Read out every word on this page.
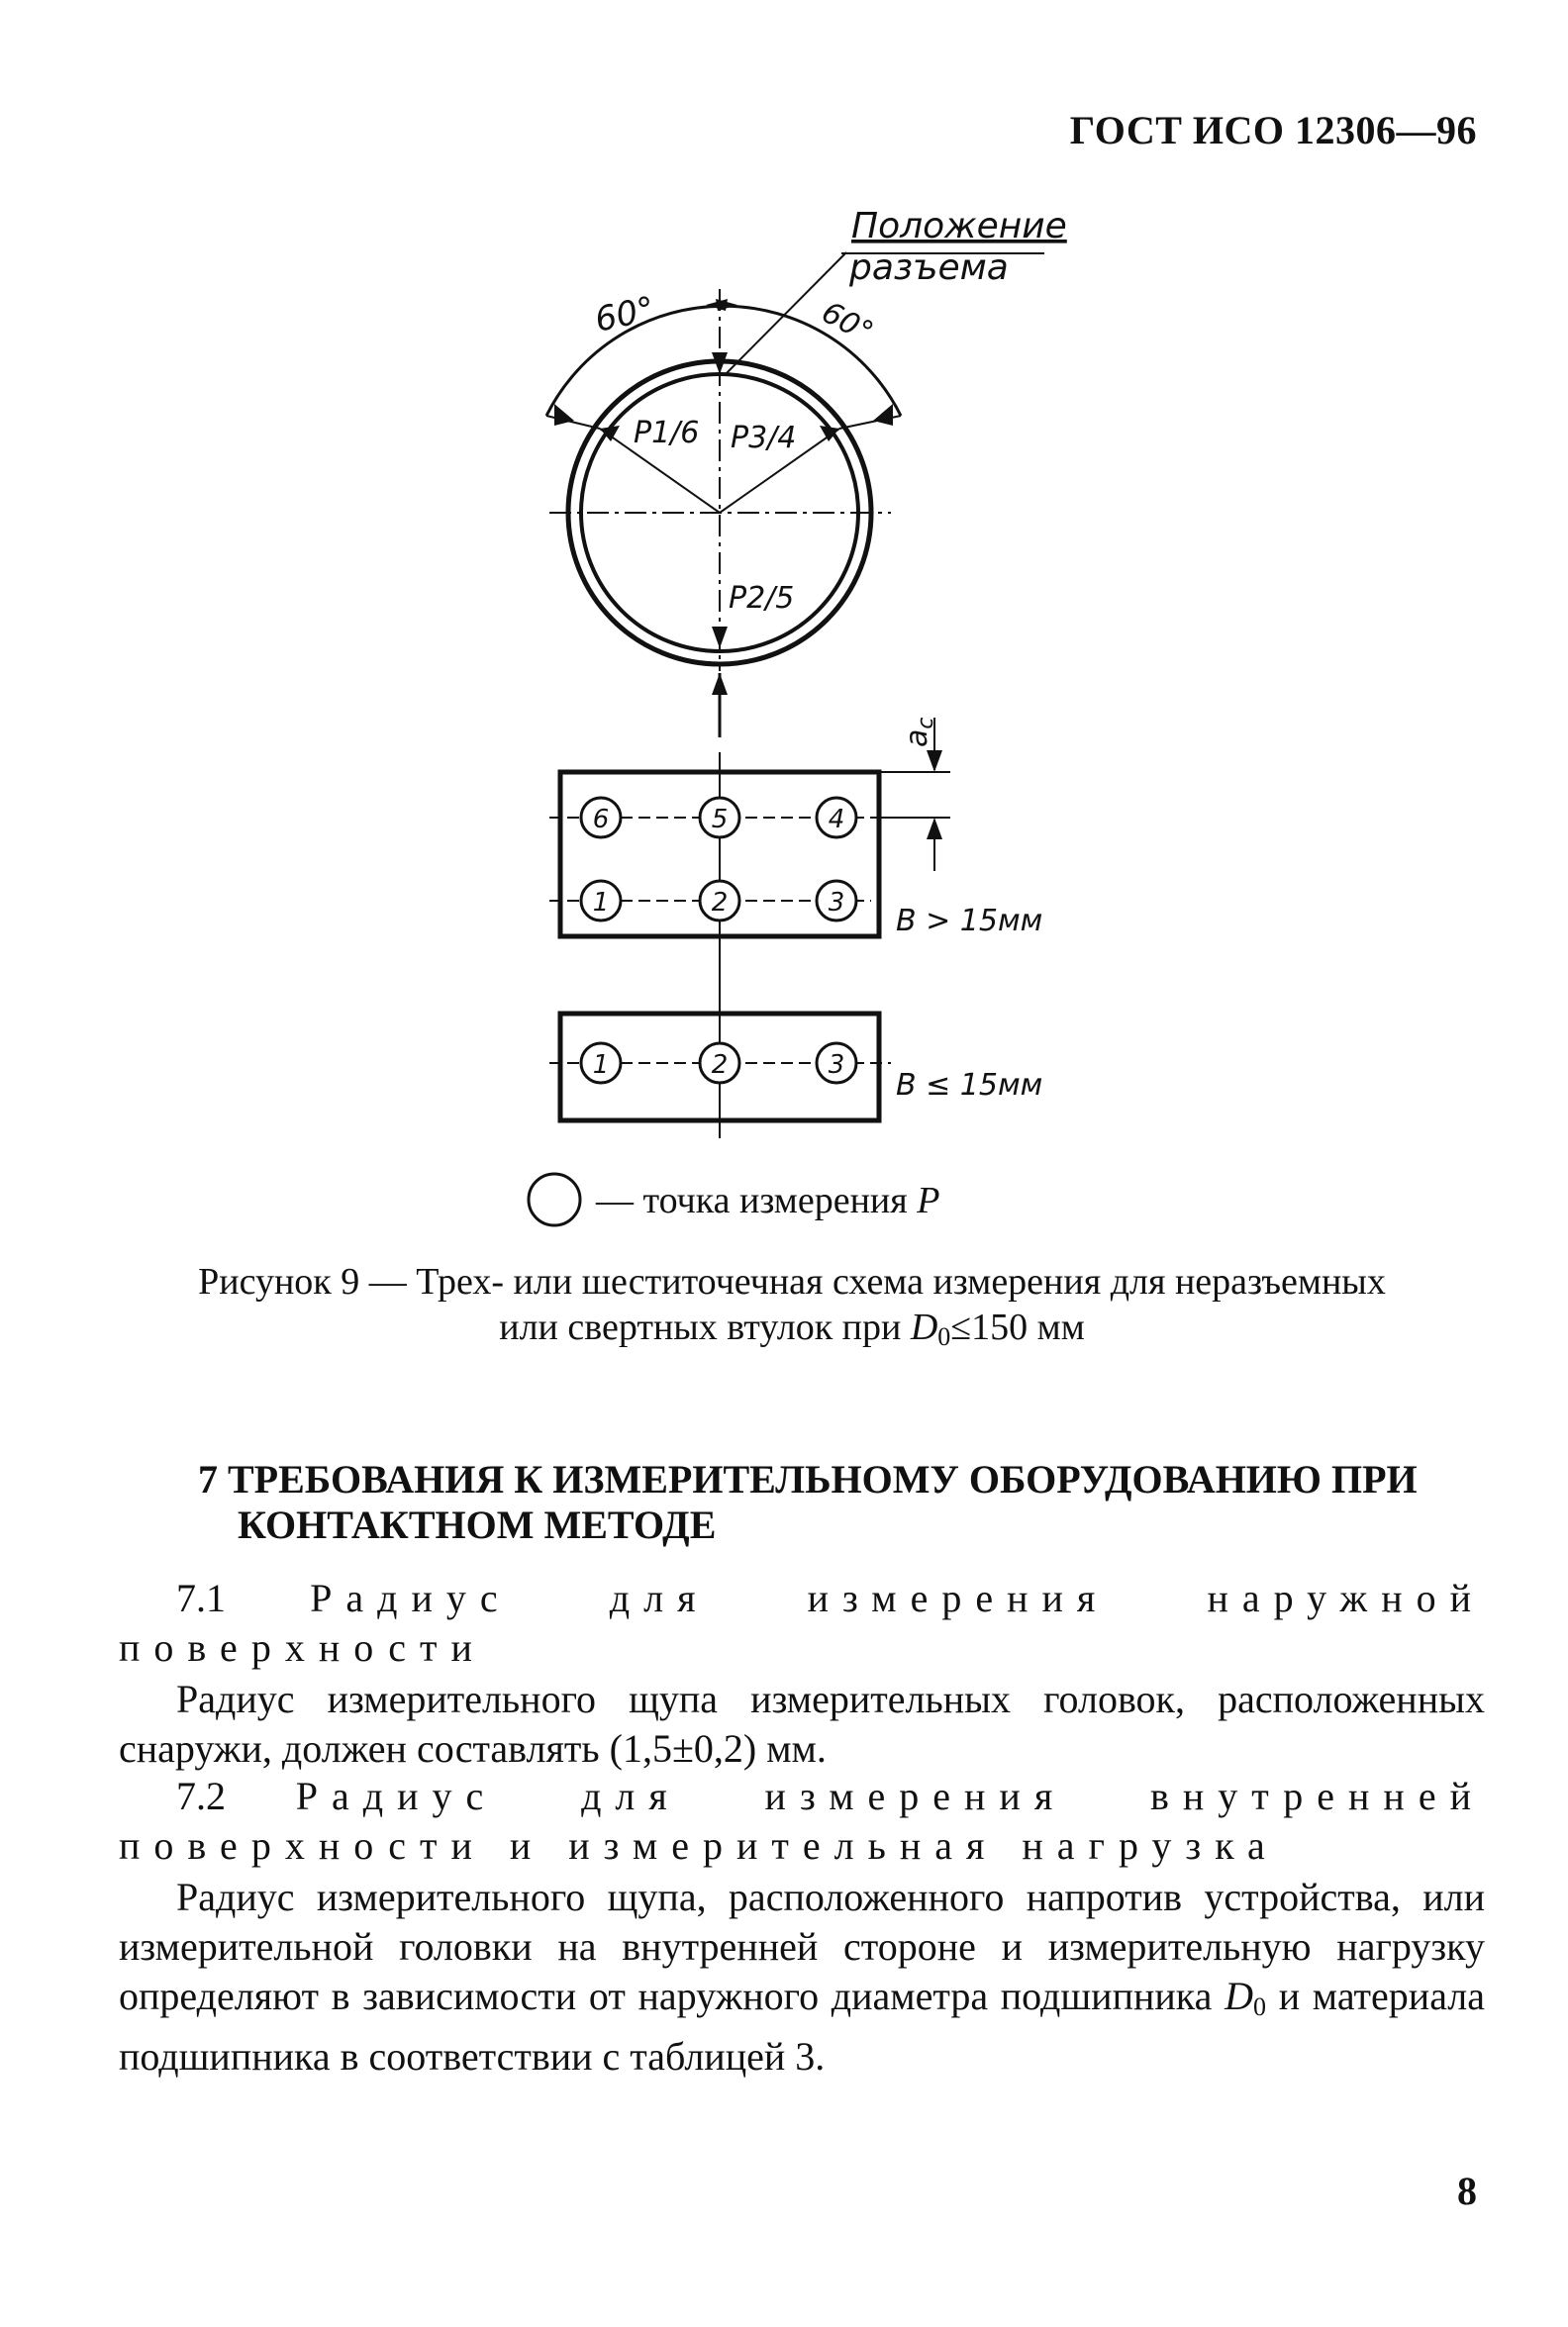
ГОСТ ИСО 12306—96
Положение
разъема
60°	60°
P1/6 P3/4
P2/5
$a_c$
B > 15мм
B ≤ 15мм
6	5	4
1	2	3
1	2	3
— точка измерения P
Рисунок 9 — Трех- или шеститочечная схема измерения для неразъемных
или свертных втулок при $D_0\le 150$ мм
7 ТРЕБОВАНИЯ К ИЗМЕРИТЕЛЬНОМУ ОБОРУДОВАНИЮ ПРИ КОНТАКТНОМ МЕТОДЕ
7.1 Радиус для измерения наружной поверхности
Радиус измерительного щупа измерительных головок, расположенных снаружи, должен составлять (1,5±0,2) мм.
7.2 Радиус для измерения внутренней поверхности и измерительная нагрузка
Радиус измерительного щупа, расположенного напротив устройства, или измерительной головки на внутренней стороне и измерительную нагрузку определяют в зависимости от наружного диаметра подшипника $D_0$ и материала подшипника в соответствии с таблицей 3.
8
